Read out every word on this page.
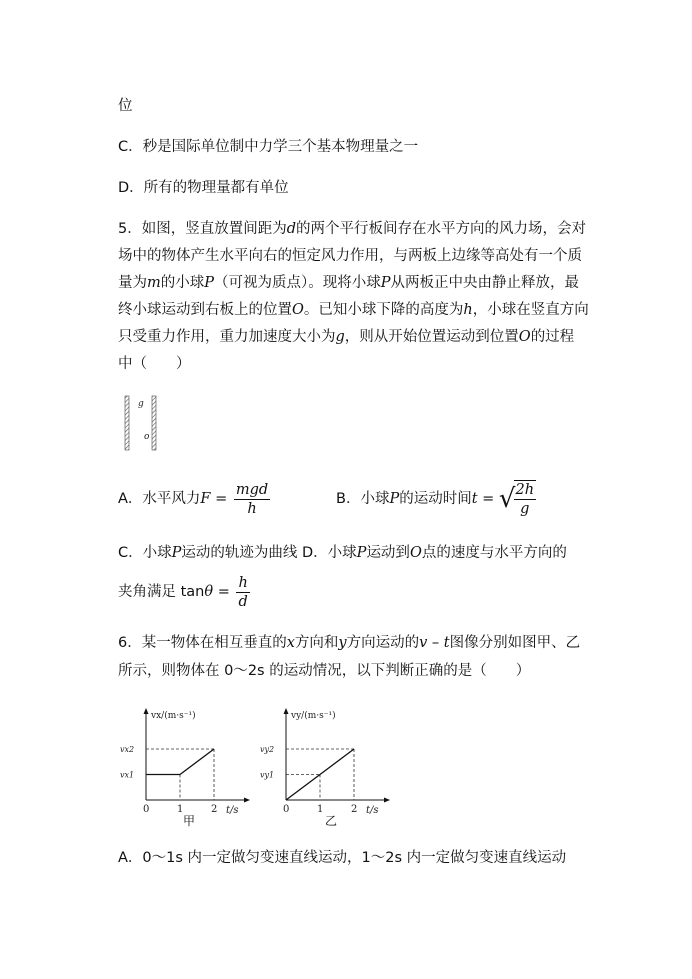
位
C．秒是国际单位制中力学三个基本物理量之一
D．所有的物理量都有单位
5．如图，竖直放置间距为d的两个平行板间存在水平方向的风力场，会对
场中的物体产生水平向右的恒定风力作用，与两板上边缘等高处有一个质
量为m的小球P（可视为质点）。现将小球P从两板正中央由静止释放，最
终小球运动到右板上的位置O。已知小球下降的高度为h，小球在竖直方向
只受重力作用，重力加速度大小为g，则从开始位置运动到位置O的过程
中（　　）
g
o
A．水平风力$F = \frac{\text{mgd}}{h}$	B．小球P的运动时间t = √
$\frac{2h}{g}$
C．小球P运动的轨迹为曲线 D．小球P运动到O点的速度与水平方向的
夹角满足 $\tan\theta = \frac{h}{d}$
6．某一物体在相互垂直的x方向和y方向运动的v – t图像分别如图甲、乙
所示，则物体在 0～2s 的运动情况，以下判断正确的是（　　）
vx/(m·s⁻¹)
t/s
0	1	2
vx1
vx2
甲
vy/(m·s⁻¹)
t/s
0	1	2
vy1
vy2
乙
A．0～1s 内一定做匀变速直线运动，1～2s 内一定做匀变速直线运动
